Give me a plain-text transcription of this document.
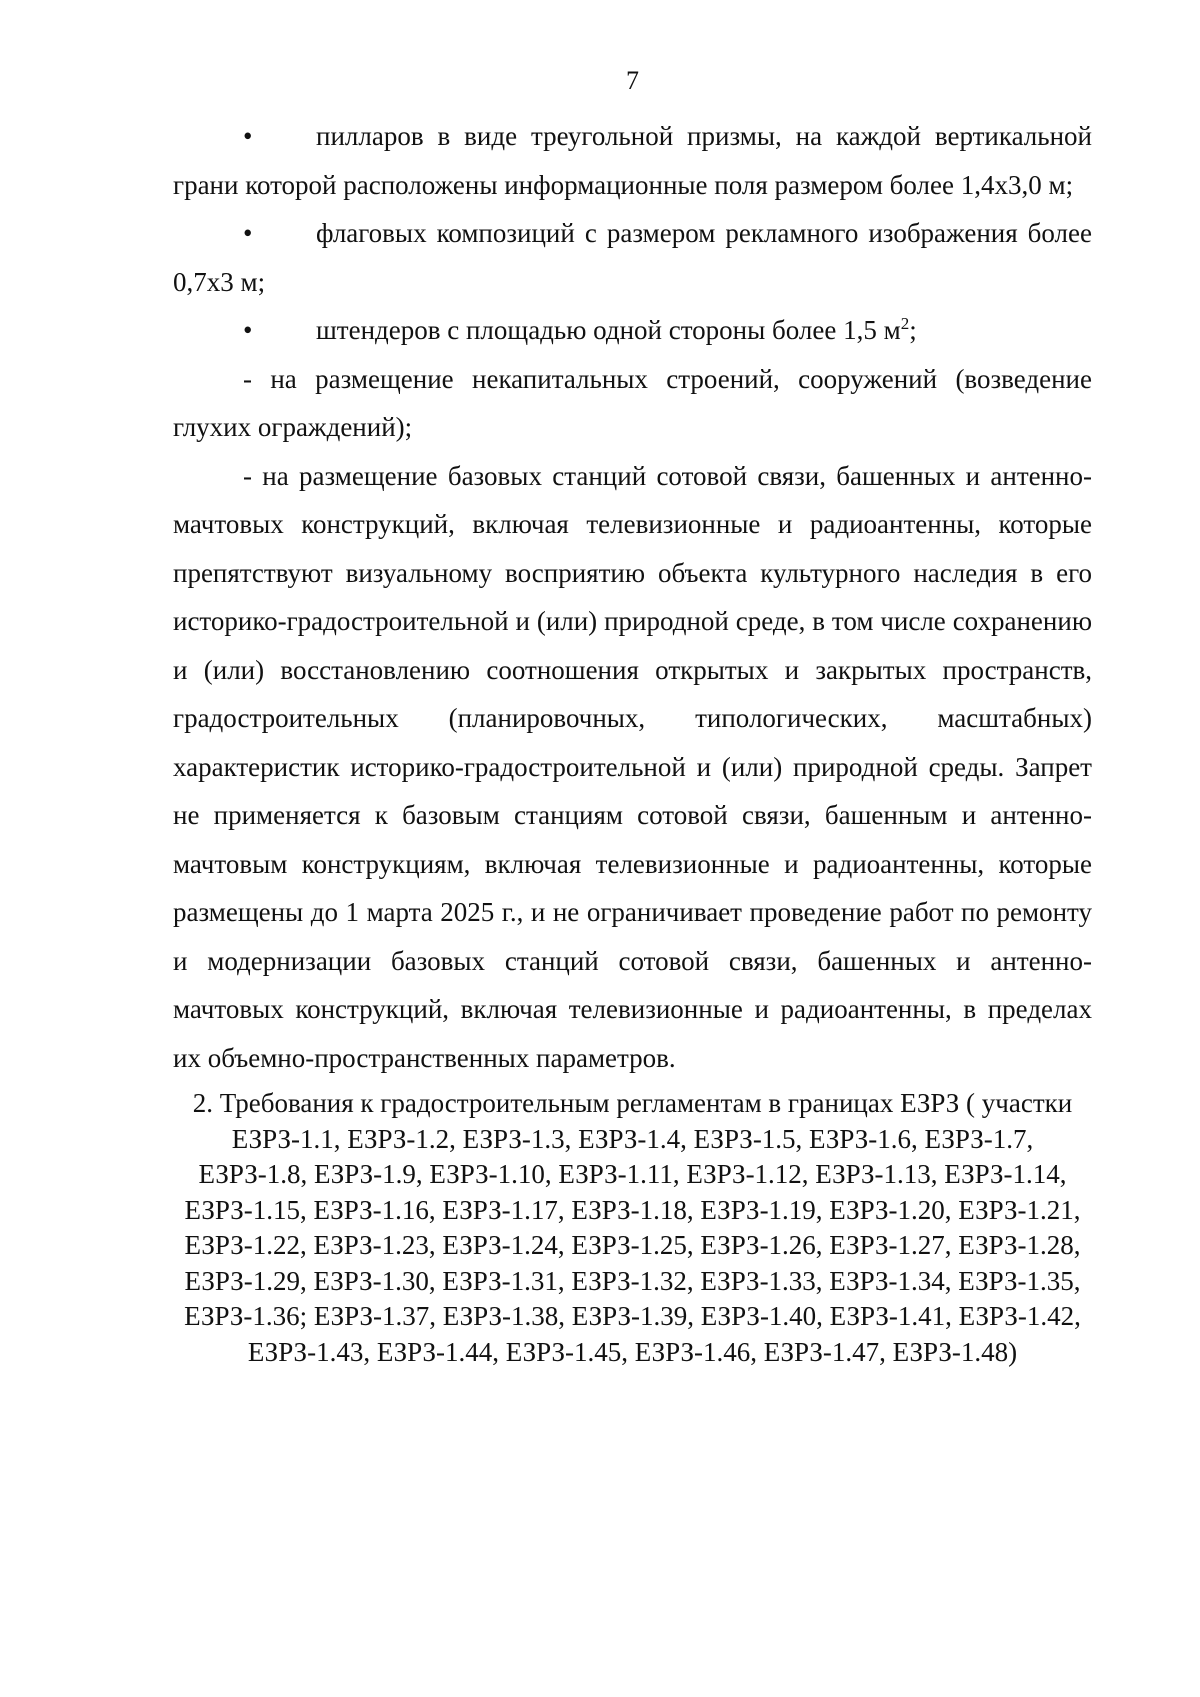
7

• пилларов в виде треугольной призмы, на каждой вертикальной грани которой расположены информационные поля размером более 1,4x3,0 м;

• флаговых композиций с размером рекламного изображения более 0,7x3 м;

• штендеров с площадью одной стороны более 1,5 $м^2$;

- на размещение некапитальных строений, сооружений (возведение глухих ограждений);

- на размещение базовых станций сотовой связи, башенных и антенно-мачтовых конструкций, включая телевизионные и радиоантенны, которые препятствуют визуальному восприятию объекта культурного наследия в его историко-градостроительной и (или) природной среде, в том числе сохранению и (или) восстановлению соотношения открытых и закрытых пространств, градостроительных (планировочных, типологических, масштабных) характеристик историко-градостроительной и (или) природной среды. Запрет не применяется к базовым станциям сотовой связи, башенным и антенно-мачтовым конструкциям, включая телевизионные и радиоантенны, которые размещены до 1 марта 2025 г., и не ограничивает проведение работ по ремонту и модернизации базовых станций сотовой связи, башенных и антенно-мачтовых конструкций, включая телевизионные и радиоантенны, в пределах их объемно-пространственных параметров.

2. Требования к градостроительным регламентам в границах ЕЗРЗ ( участки ЕЗРЗ-1.1, ЕЗРЗ-1.2, ЕЗРЗ-1.3, ЕЗРЗ-1.4, ЕЗРЗ-1.5, ЕЗРЗ-1.6, ЕЗРЗ-1.7, ЕЗРЗ-1.8, ЕЗРЗ-1.9, ЕЗРЗ-1.10, ЕЗРЗ-1.11, ЕЗРЗ-1.12, ЕЗРЗ-1.13, ЕЗРЗ-1.14, ЕЗРЗ-1.15, ЕЗРЗ-1.16, ЕЗРЗ-1.17, ЕЗРЗ-1.18, ЕЗРЗ-1.19, ЕЗРЗ-1.20, ЕЗРЗ-1.21, ЕЗРЗ-1.22, ЕЗРЗ-1.23, ЕЗРЗ-1.24, ЕЗРЗ-1.25, ЕЗРЗ-1.26, ЕЗРЗ-1.27, ЕЗРЗ-1.28, ЕЗРЗ-1.29, ЕЗРЗ-1.30, ЕЗРЗ-1.31, ЕЗРЗ-1.32, ЕЗРЗ-1.33, ЕЗРЗ-1.34, ЕЗРЗ-1.35, ЕЗРЗ-1.36; ЕЗРЗ-1.37, ЕЗРЗ-1.38, ЕЗРЗ-1.39, ЕЗРЗ-1.40, ЕЗРЗ-1.41, ЕЗРЗ-1.42, ЕЗРЗ-1.43, ЕЗРЗ-1.44, ЕЗРЗ-1.45, ЕЗРЗ-1.46, ЕЗРЗ-1.47, ЕЗРЗ-1.48)
